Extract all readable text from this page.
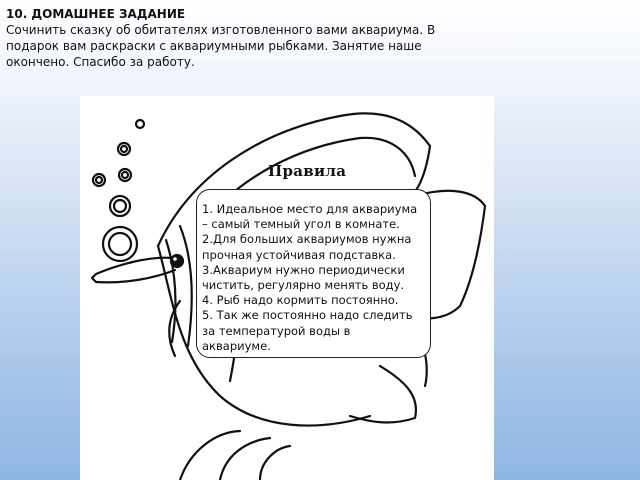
10. ДОМАШНЕЕ ЗАДАНИЕ
Сочинить сказку об обитателях изготовленного вами аквариума. В подарок вам раскраски с аквариумными рыбками. Занятие наше окончено. Спасибо за работу.
Правила
1. Идеальное место для аквариума – самый темный угол в комнате.
2.Для больших аквариумов нужна прочная устойчивая подставка.
3.Аквариум нужно периодически чистить, регулярно менять воду.
4. Рыб надо кормить постоянно.
5. Так же постоянно надо следить за температурой воды в аквариуме.
